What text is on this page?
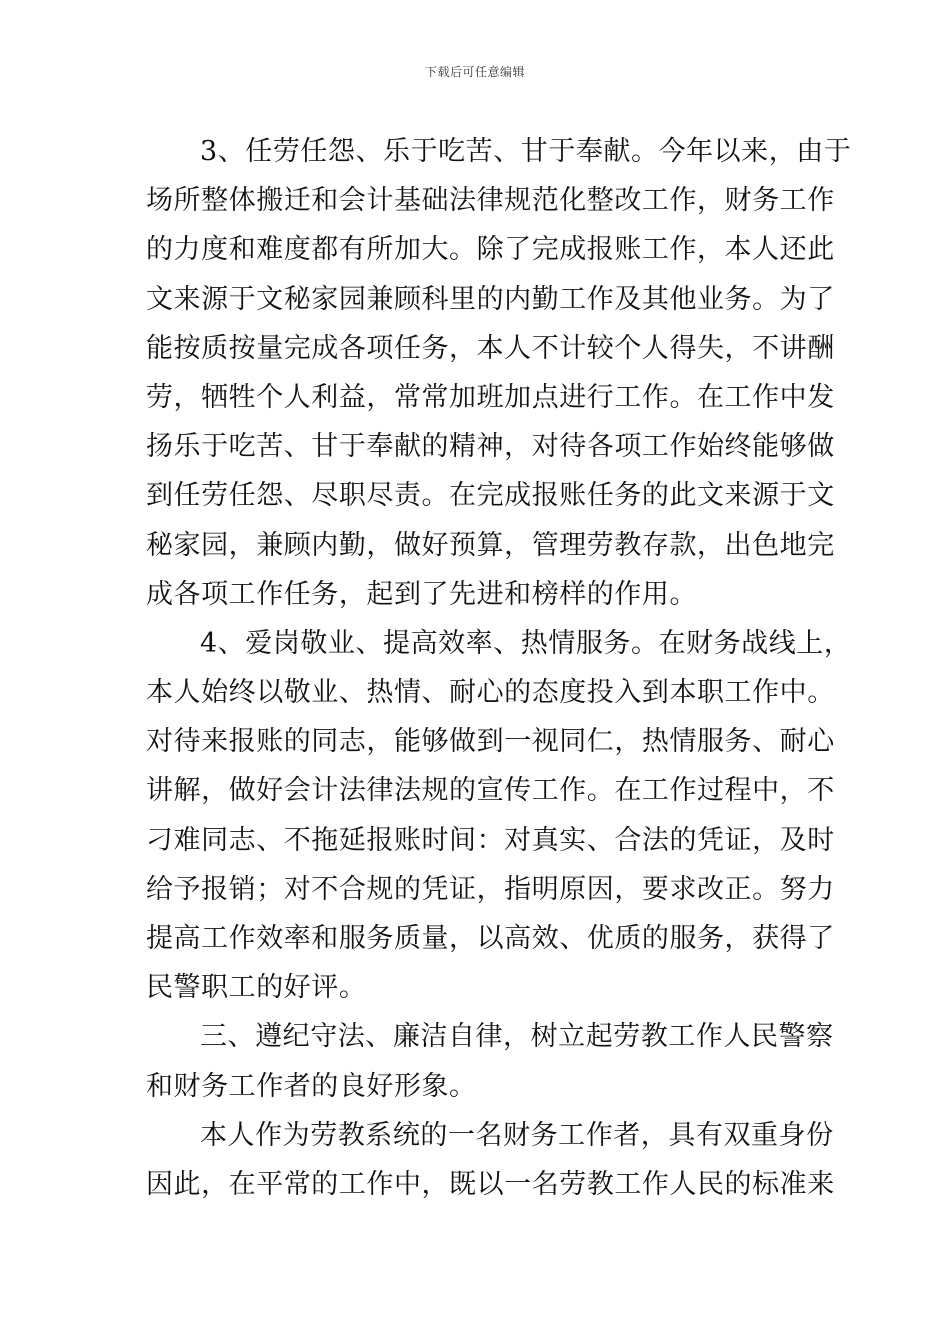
下载后可任意编辑
3、任劳任怨、乐于吃苦、甘于奉献。今年以来，由于
场所整体搬迁和会计基础法律规范化整改工作，财务工作
的力度和难度都有所加大。除了完成报账工作，本人还此
文来源于文秘家园兼顾科里的内勤工作及其他业务。为了
能按质按量完成各项任务，本人不计较个人得失，不讲酬
劳，牺牲个人利益，常常加班加点进行工作。在工作中发
扬乐于吃苦、甘于奉献的精神，对待各项工作始终能够做
到任劳任怨、尽职尽责。在完成报账任务的此文来源于文
秘家园，兼顾内勤，做好预算，管理劳教存款，出色地完
成各项工作任务，起到了先进和榜样的作用。
4、爱岗敬业、提高效率、热情服务。在财务战线上，
本人始终以敬业、热情、耐心的态度投入到本职工作中。
对待来报账的同志，能够做到一视同仁，热情服务、耐心
讲解，做好会计法律法规的宣传工作。在工作过程中，不
刁难同志、不拖延报账时间：对真实、合法的凭证，及时
给予报销；对不合规的凭证，指明原因，要求改正。努力
提高工作效率和服务质量，以高效、优质的服务，获得了
民警职工的好评。
三、遵纪守法、廉洁自律，树立起劳教工作人民警察
和财务工作者的良好形象。
本人作为劳教系统的一名财务工作者，具有双重身份
因此，在平常的工作中，既以一名劳教工作人民的标准来
